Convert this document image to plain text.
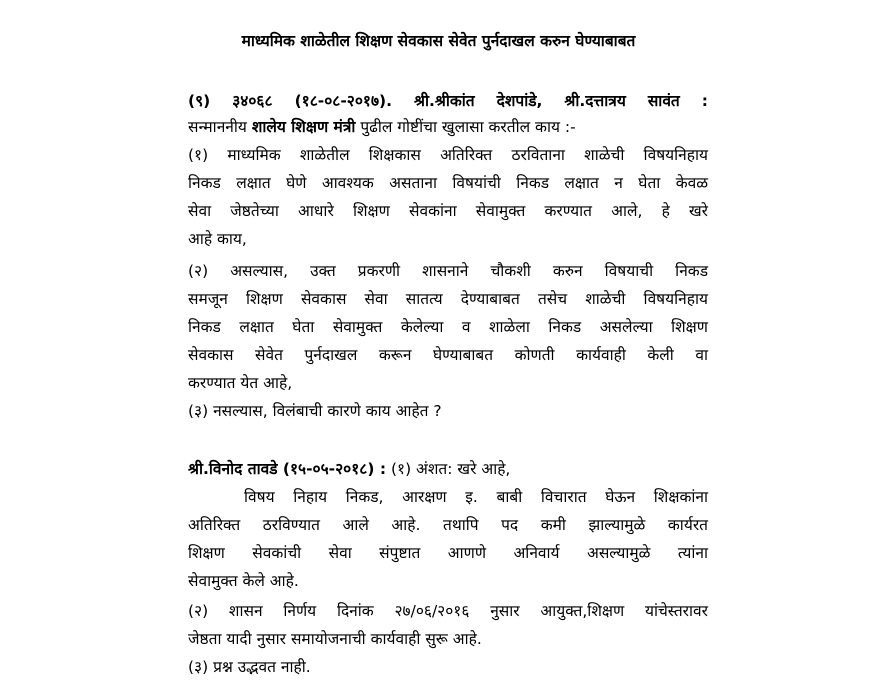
माध्यमिक शाळेतील शिक्षण सेवकास सेवेत पुर्नदाखल करुन घेण्याबाबत
(९) ३४०६८ (१८-०८-२०१७). श्री.श्रीकांत देशपांडे, श्री.दत्तात्रय सावंत :
सन्माननीय शालेय शिक्षण मंत्री पुढील गोष्टींचा खुलासा करतील काय :-
(१) माध्यमिक शाळेतील शिक्षकास अतिरिक्त ठरविताना शाळेची विषयनिहाय
निकड लक्षात घेणे आवश्यक असताना विषयांची निकड लक्षात न घेता केवळ
सेवा जेष्ठतेच्या आधारे शिक्षण सेवकांना सेवामुक्त करण्यात आले, हे खरे
आहे काय,
(२) असल्यास, उक्त प्रकरणी शासनाने चौकशी करुन विषयाची निकड
समजून शिक्षण सेवकास सेवा सातत्य देण्याबाबत तसेच शाळेची विषयनिहाय
निकड लक्षात घेता सेवामुक्त केलेल्या व शाळेला निकड असलेल्या शिक्षण
सेवकास सेवेत पुर्नदाखल करून घेण्याबाबत कोणती कार्यवाही केली वा
करण्यात येत आहे,
(३) नसल्यास, विलंबाची कारणे काय आहेत ?
श्री.विनोद तावडे (१५-०५-२०१८) : (१) अंशत: खरे आहे,
विषय निहाय निकड, आरक्षण इ. बाबी विचारात घेऊन शिक्षकांना
अतिरिक्त ठरविण्यात आले आहे. तथापि पद कमी झाल्यामुळे कार्यरत
शिक्षण सेवकांची सेवा संपुष्टात आणणे अनिवार्य असल्यामुळे त्यांना
सेवामुक्त केले आहे.
(२) शासन निर्णय दिनांक २७/०६/२०१६ नुसार आयुक्त,शिक्षण यांचेस्तरावर
जेष्ठता यादी नुसार समायोजनाची कार्यवाही सुरू आहे.
(३) प्रश्न उद्भवत नाही.
